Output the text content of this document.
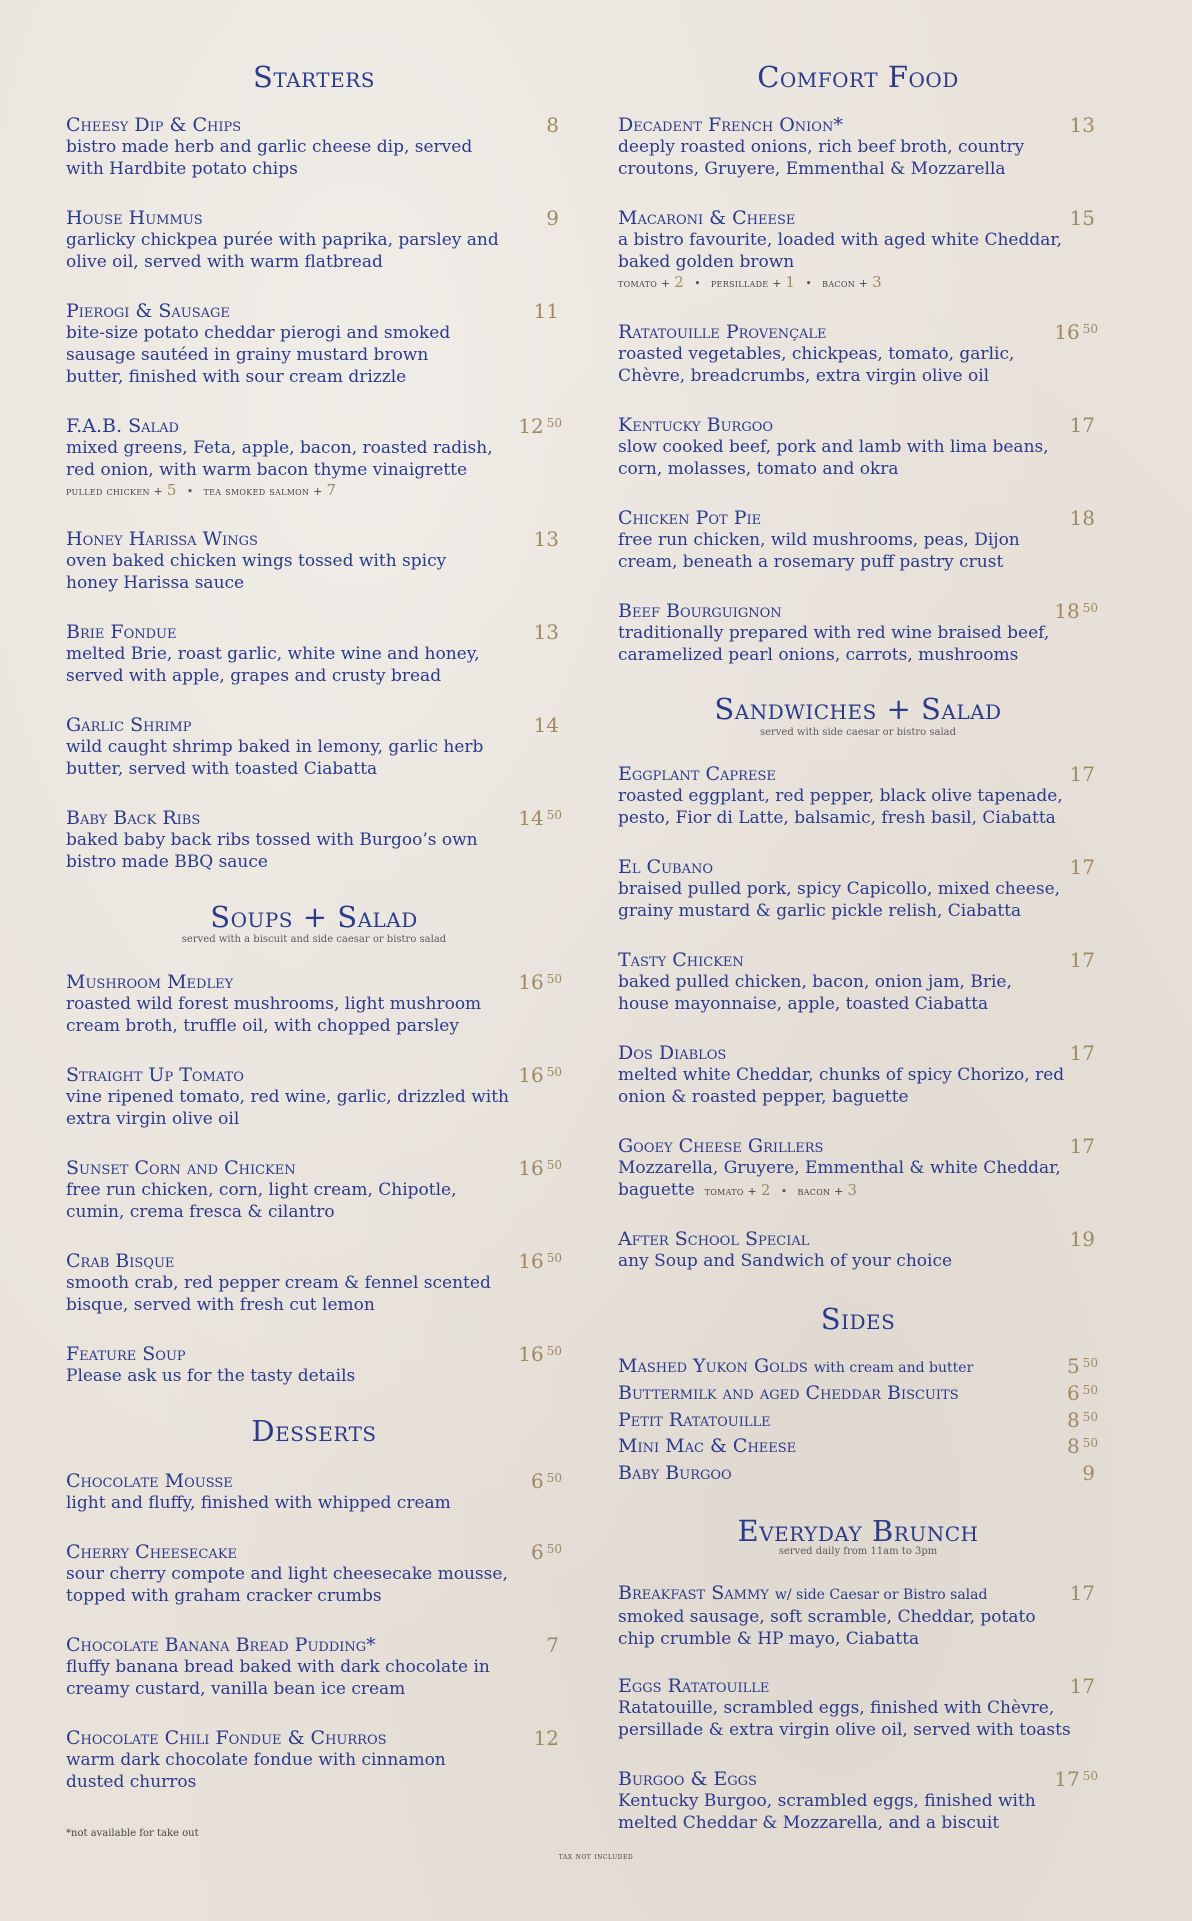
Starters
Cheesy Dip & Chips	8
bistro made herb and garlic cheese dip, served with Hardbite potato chips
House Hummus	9
garlicky chickpea purée with paprika, parsley and olive oil, served with warm flatbread
Pierogi & Sausage	11
bite-size potato cheddar pierogi and smoked sausage sautéed in grainy mustard brown butter, finished with sour cream drizzle
F.A.B. Salad	12 $^{50}$
mixed greens, Feta, apple, bacon, roasted radish, red onion, with warm bacon thyme vinaigrette
pulled chicken + 5 • tea smoked salmon + 7
Honey Harissa Wings	13
oven baked chicken wings tossed with spicy honey Harissa sauce
Brie Fondue	13
melted Brie, roast garlic, white wine and honey, served with apple, grapes and crusty bread
Garlic Shrimp	14
wild caught shrimp baked in lemony, garlic herb butter, served with toasted Ciabatta
Baby Back Ribs	14 $^{50}$
baked baby back ribs tossed with Burgoo’s own bistro made BBQ sauce
Soups + Salad
served with a biscuit and side caesar or bistro salad
Mushroom Medley	16 $^{50}$
roasted wild forest mushrooms, light mushroom cream broth, truffle oil, with chopped parsley
Straight Up Tomato	16 $^{50}$
vine ripened tomato, red wine, garlic, drizzled with extra virgin olive oil
Sunset Corn and Chicken	16 $^{50}$
free run chicken, corn, light cream, Chipotle, cumin, crema fresca & cilantro
Crab Bisque	16 $^{50}$
smooth crab, red pepper cream & fennel scented bisque, served with fresh cut lemon
Feature Soup	16 $^{50}$
Please ask us for the tasty details
Desserts
Chocolate Mousse	6 $^{50}$
light and fluffy, finished with whipped cream
Cherry Cheesecake	6 $^{50}$
sour cherry compote and light cheesecake mousse, topped with graham cracker crumbs
Chocolate Banana Bread Pudding*	7
fluffy banana bread baked with dark chocolate in creamy custard, vanilla bean ice cream
Chocolate Chili Fondue & Churros	12
warm dark chocolate fondue with cinnamon dusted churros
*not available for take out
Comfort Food
Decadent French Onion*	13
deeply roasted onions, rich beef broth, country croutons, Gruyere, Emmenthal & Mozzarella
Macaroni & Cheese	15
a bistro favourite, loaded with aged white Cheddar, baked golden brown
tomato + 2 • persillade + 1 • bacon + 3
Ratatouille Provençale	16 $^{50}$
roasted vegetables, chickpeas, tomato, garlic, Chèvre, breadcrumbs, extra virgin olive oil
Kentucky Burgoo	17
slow cooked beef, pork and lamb with lima beans, corn, molasses, tomato and okra
Chicken Pot Pie	18
free run chicken, wild mushrooms, peas, Dijon cream, beneath a rosemary puff pastry crust
Beef Bourguignon	18 $^{50}$
traditionally prepared with red wine braised beef, caramelized pearl onions, carrots, mushrooms
Sandwiches + Salad
served with side caesar or bistro salad
Eggplant Caprese	17
roasted eggplant, red pepper, black olive tapenade, pesto, Fior di Latte, balsamic, fresh basil, Ciabatta
El Cubano	17
braised pulled pork, spicy Capicollo, mixed cheese, grainy mustard & garlic pickle relish, Ciabatta
Tasty Chicken	17
baked pulled chicken, bacon, onion jam, Brie, house mayonnaise, apple, toasted Ciabatta
Dos Diablos	17
melted white Cheddar, chunks of spicy Chorizo, red onion & roasted pepper, baguette
Gooey Cheese Grillers	17
Mozzarella, Gruyere, Emmenthal & white Cheddar,
baguette tomato + 2 • bacon + 3
After School Special	19
any Soup and Sandwich of your choice
Sides
Mashed Yukon Golds with cream and butter	5 $^{50}$
Buttermilk and aged Cheddar Biscuits	6 $^{50}$
Petit Ratatouille	8 $^{50}$
Mini Mac & Cheese	8 $^{50}$
Baby Burgoo	9
Everyday Brunch
served daily from 11am to 3pm
Breakfast Sammy w/ side Caesar or Bistro salad	17
smoked sausage, soft scramble, Cheddar, potato chip crumble & HP mayo, Ciabatta
Eggs Ratatouille	17
Ratatouille, scrambled eggs, finished with Chèvre, persillade & extra virgin olive oil, served with toasts
Burgoo & Eggs	17 $^{50}$
Kentucky Burgoo, scrambled eggs, finished with melted Cheddar & Mozzarella, and a biscuit
tax not included
